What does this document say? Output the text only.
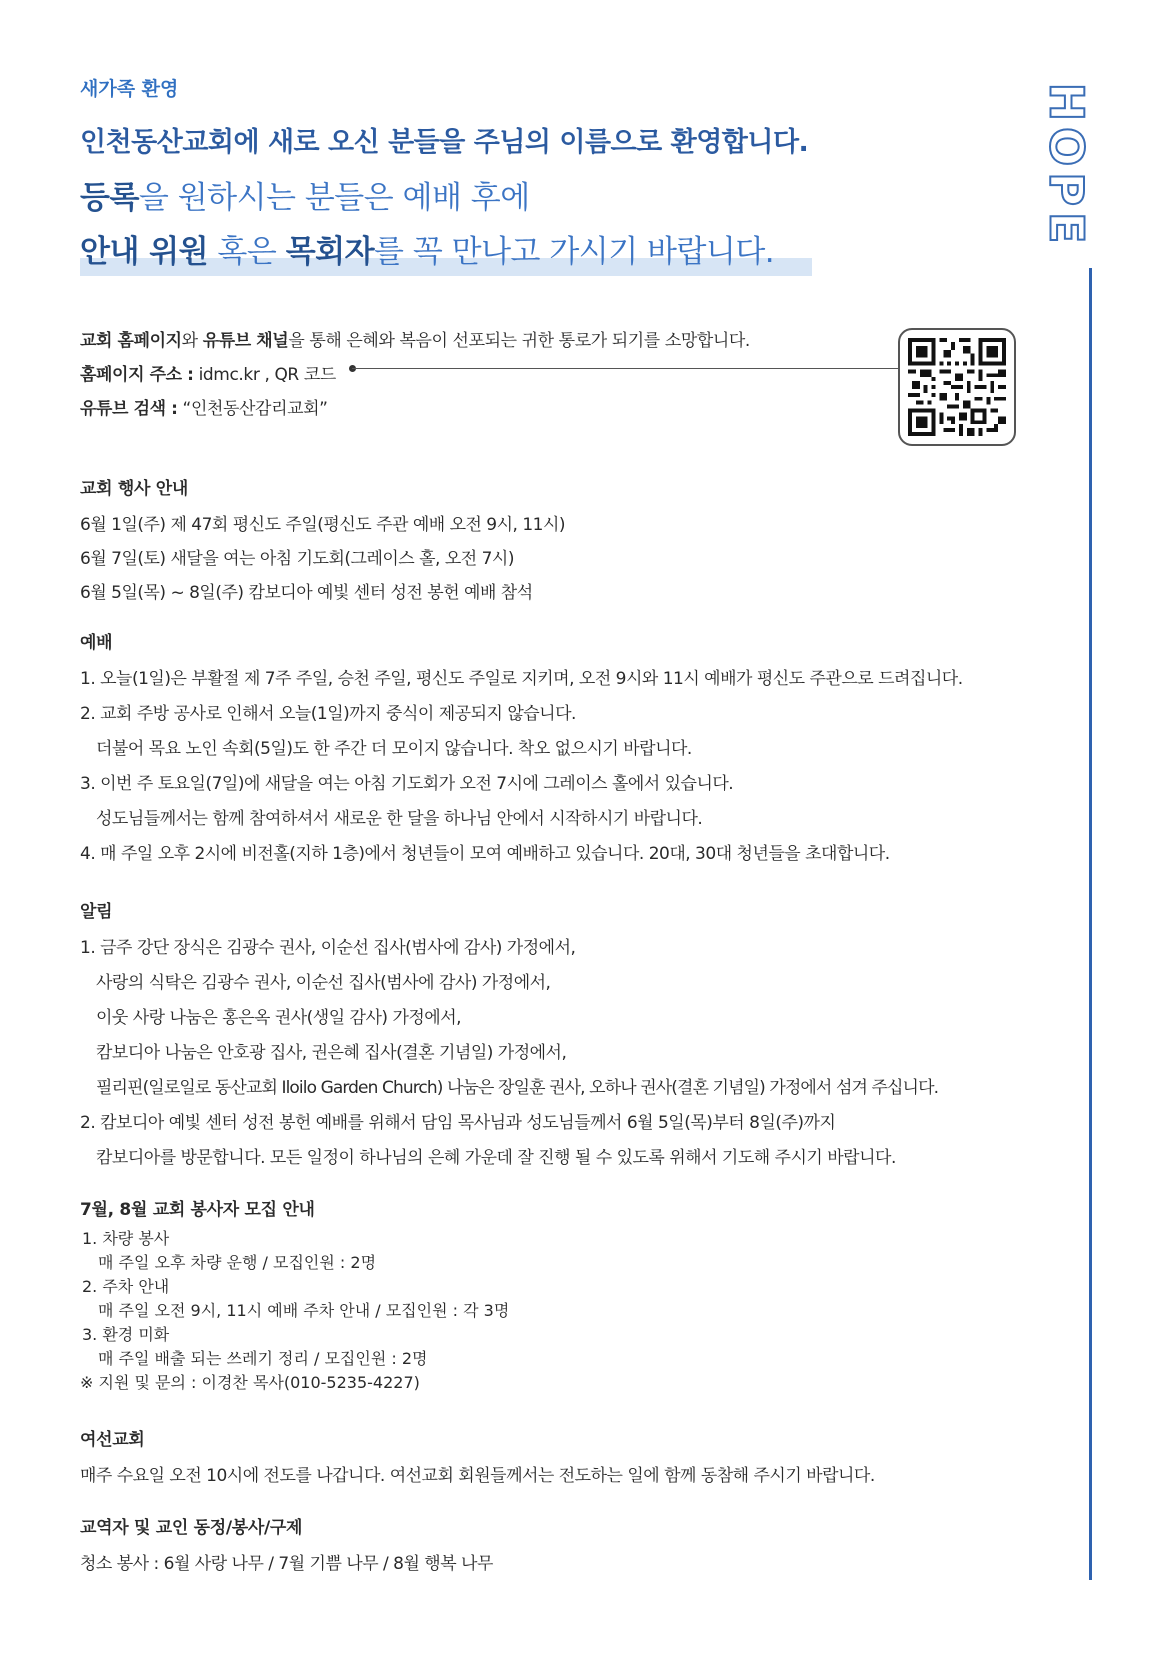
새가족 환영
인천동산교회에 새로 오신 분들을 주님의 이름으로 환영합니다.
등록을 원하시는 분들은 예배 후에
안내 위원 혹은 목회자를 꼭 만나고 가시기 바랍니다.
HOPE
교회 홈페이지와 유튜브 채널을 통해 은혜와 복음이 선포되는 귀한 통로가 되기를 소망합니다.
홈페이지 주소 : idmc.kr , QR 코드
유튜브 검색 : “인천동산감리교회”
교회 행사 안내
6월 1일(주) 제 47회 평신도 주일(평신도 주관 예배 오전 9시, 11시)
6월 7일(토) 새달을 여는 아침 기도회(그레이스 홀, 오전 7시)
6월 5일(목) ~ 8일(주) 캄보디아 예빛 센터 성전 봉헌 예배 참석
예배
1. 오늘(1일)은 부활절 제 7주 주일, 승천 주일, 평신도 주일로 지키며, 오전 9시와 11시 예배가 평신도 주관으로 드려집니다.
2. 교회 주방 공사로 인해서 오늘(1일)까지 중식이 제공되지 않습니다.
더불어 목요 노인 속회(5일)도 한 주간 더 모이지 않습니다. 착오 없으시기 바랍니다.
3. 이번 주 토요일(7일)에 새달을 여는 아침 기도회가 오전 7시에 그레이스 홀에서 있습니다.
성도님들께서는 함께 참여하셔서 새로운 한 달을 하나님 안에서 시작하시기 바랍니다.
4. 매 주일 오후 2시에 비전홀(지하 1층)에서 청년들이 모여 예배하고 있습니다. 20대, 30대 청년들을 초대합니다.
알림
1. 금주 강단 장식은 김광수 권사, 이순선 집사(범사에 감사) 가정에서,
사랑의 식탁은 김광수 권사, 이순선 집사(범사에 감사) 가정에서,
이웃 사랑 나눔은 홍은옥 권사(생일 감사) 가정에서,
캄보디아 나눔은 안호광 집사, 권은혜 집사(결혼 기념일) 가정에서,
필리핀(일로일로 동산교회 Iloilo Garden Church) 나눔은 장일훈 권사, 오하나 권사(결혼 기념일) 가정에서 섬겨 주십니다.
2. 캄보디아 예빛 센터 성전 봉헌 예배를 위해서 담임 목사님과 성도님들께서 6월 5일(목)부터 8일(주)까지
캄보디아를 방문합니다. 모든 일정이 하나님의 은혜 가운데 잘 진행 될 수 있도록 위해서 기도해 주시기 바랍니다.
7월, 8월 교회 봉사자 모집 안내
1. 차량 봉사
매 주일 오후 차량 운행 / 모집인원 : 2명
2. 주차 안내
매 주일 오전 9시, 11시 예배 주차 안내 / 모집인원 : 각 3명
3. 환경 미화
매 주일 배출 되는 쓰레기 정리 / 모집인원 : 2명
※ 지원 및 문의 : 이경찬 목사(010-5235-4227)
여선교회
매주 수요일 오전 10시에 전도를 나갑니다. 여선교회 회원들께서는 전도하는 일에 함께 동참해 주시기 바랍니다.
교역자 및 교인 동정/봉사/구제
청소 봉사 : 6월 사랑 나무 / 7월 기쁨 나무 / 8월 행복 나무
